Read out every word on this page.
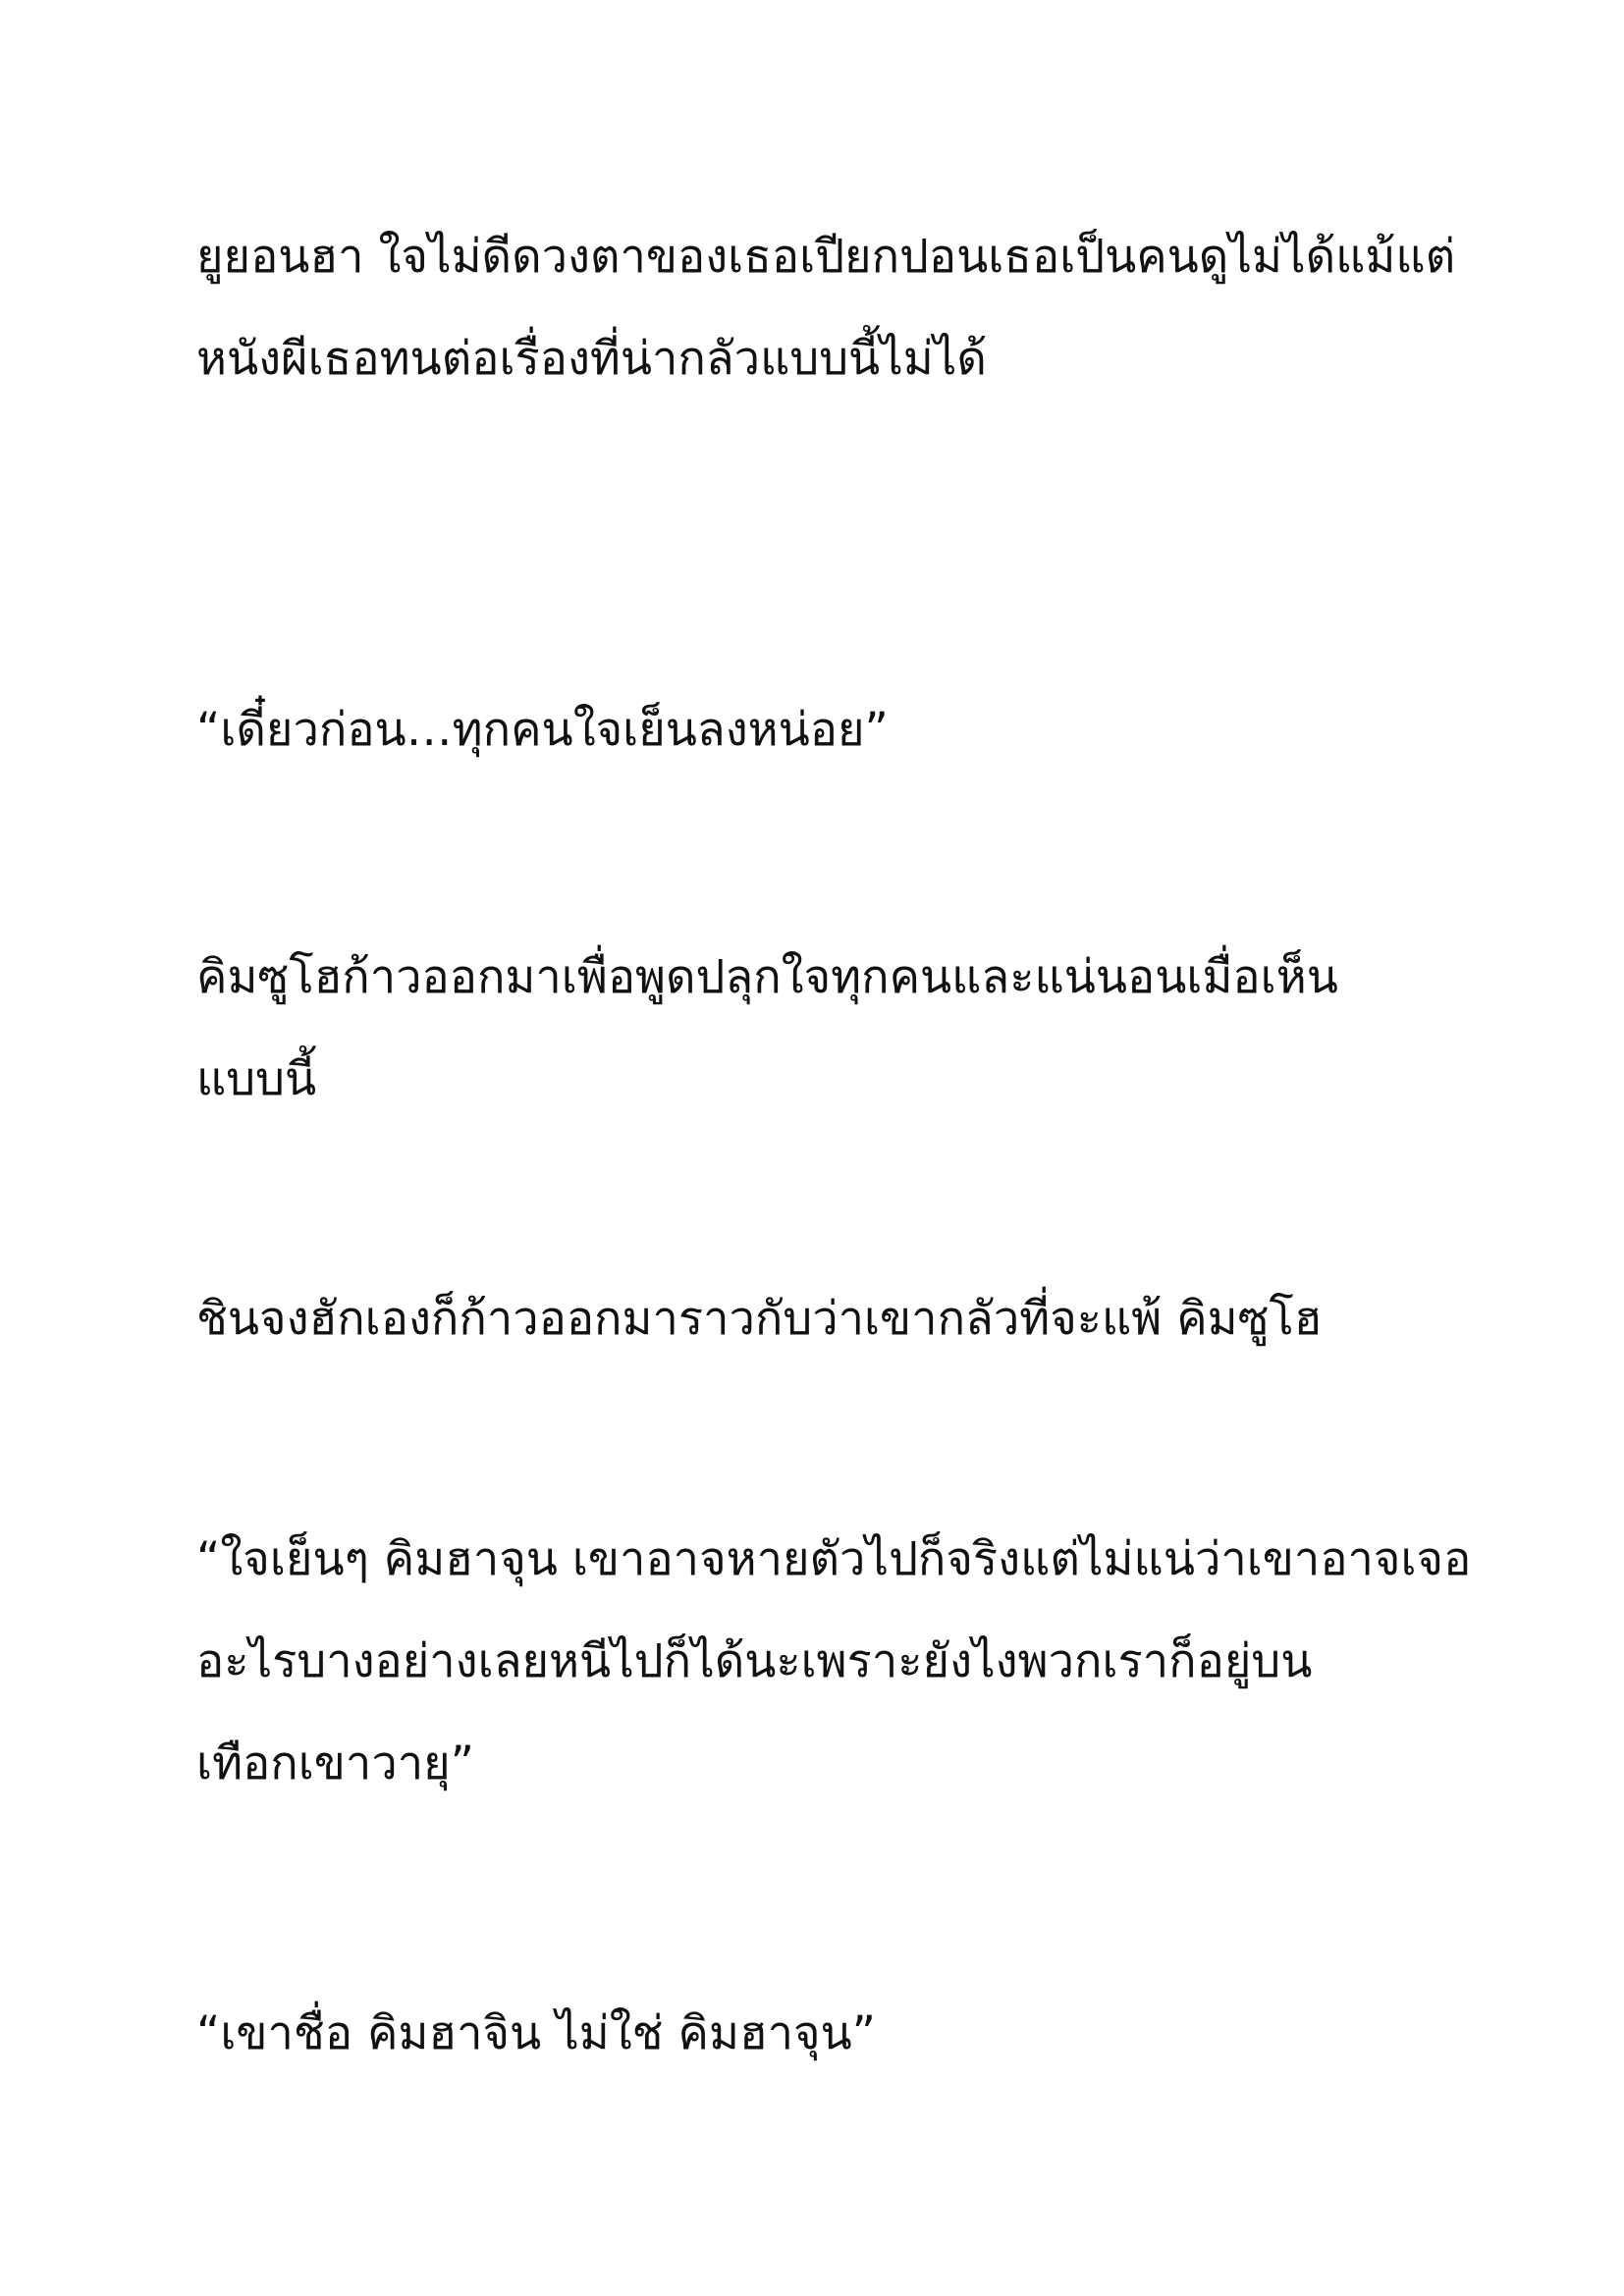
ยูยอนฮา ใจไม่ดีดวงตาของเธอเปียกปอนเธอเป็นคนดูไม่ได้แม้แต่
หนังผีเธอทนต่อเรื่องที่น่ากลัวแบบนี้ไม่ได้

“เดี๋ยวก่อน…ทุกคนใจเย็นลงหน่อย”

คิมซูโฮก้าวออกมาเพื่อพูดปลุกใจทุกคนและแน่นอนเมื่อเห็น
แบบนี้

ชินจงฮักเองก็ก้าวออกมาราวกับว่าเขากลัวที่จะแพ้ คิมซูโฮ

“ใจเย็นๆ คิมฮาจุน เขาอาจหายตัวไปก็จริงแต่ไม่แน่ว่าเขาอาจเจอ
อะไรบางอย่างเลยหนีไปก็ได้นะเพราะยังไงพวกเราก็อยู่บน
เทือกเขาวายุ”

“เขาชื่อ คิมฮาจิน ไม่ใช่ คิมฮาจุน”
